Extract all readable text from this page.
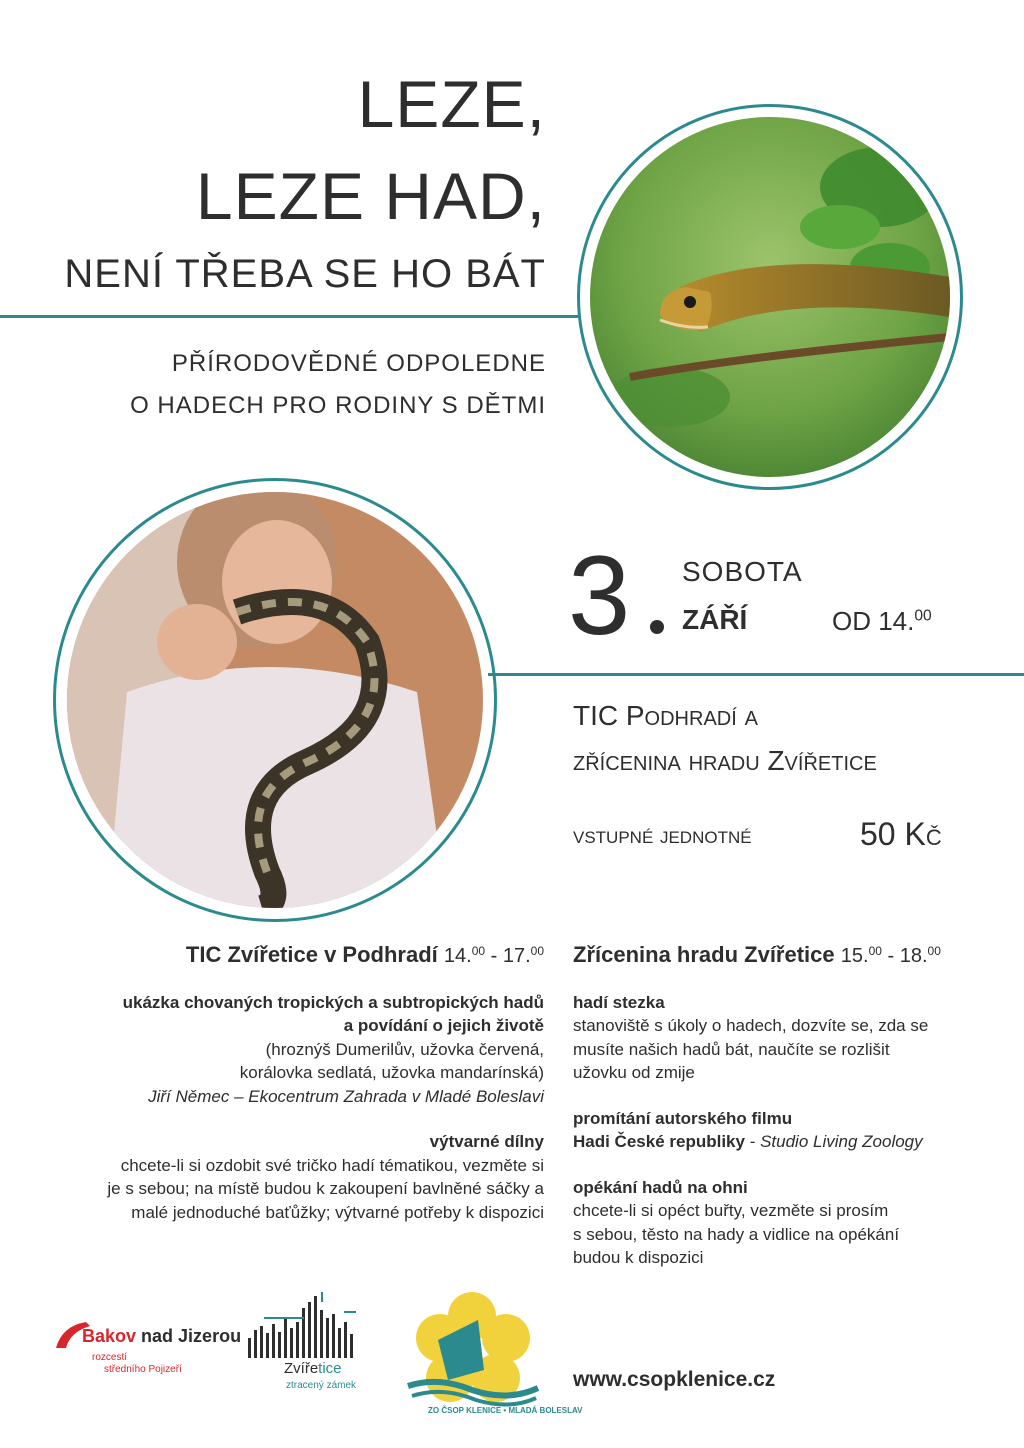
LEZE,
LEZE HAD,
NENÍ TŘEBA SE HO BÁT
PŘÍRODOVĚDNÉ ODPOLEDNE
O HADECH PRO RODINY S DĚTMI
3 SOBOTA
ZÁŘÍ	OD 14.00
TIC Podhradí a
zřícenina hradu Zvířetice
vstupné jednotné	50 Kč
TIC Zvířetice v Podhradí 14.00 - 17.00
ukázka chovaných tropických a subtropických hadů
a povídání o jejich životě
(hroznýš Dumerilův, užovka červená,
korálovka sedlatá, užovka mandarínská)
Jiří Němec – Ekocentrum Zahrada v Mladé Boleslavi
výtvarné dílny
chcete-li si ozdobit své tričko hadí tématikou, vezměte si
je s sebou; na místě budou k zakoupení bavlněné sáčky a
malé jednoduché baťůžky; výtvarné potřeby k dispozici
Zřícenina hradu Zvířetice 15.00 - 18.00
hadí stezka
stanoviště s úkoly o hadech, dozvíte se, zda se
musíte našich hadů bát, naučíte se rozlišit
užovku od zmije
promítání autorského filmu
Hadi České republiky - Studio Living Zoology
opékání hadů na ohni
chcete-li si opéct buřty, vezměte si prosím
s sebou, těsto na hady a vidlice na opékání
budou k dispozici
Bakov nad Jizerou
rozcestí
středního Pojizeří	Zvířetice
ztracený zámek
ZO ČSOP KLENICE • MLADÁ BOLESLAV
www.csopklenice.cz
